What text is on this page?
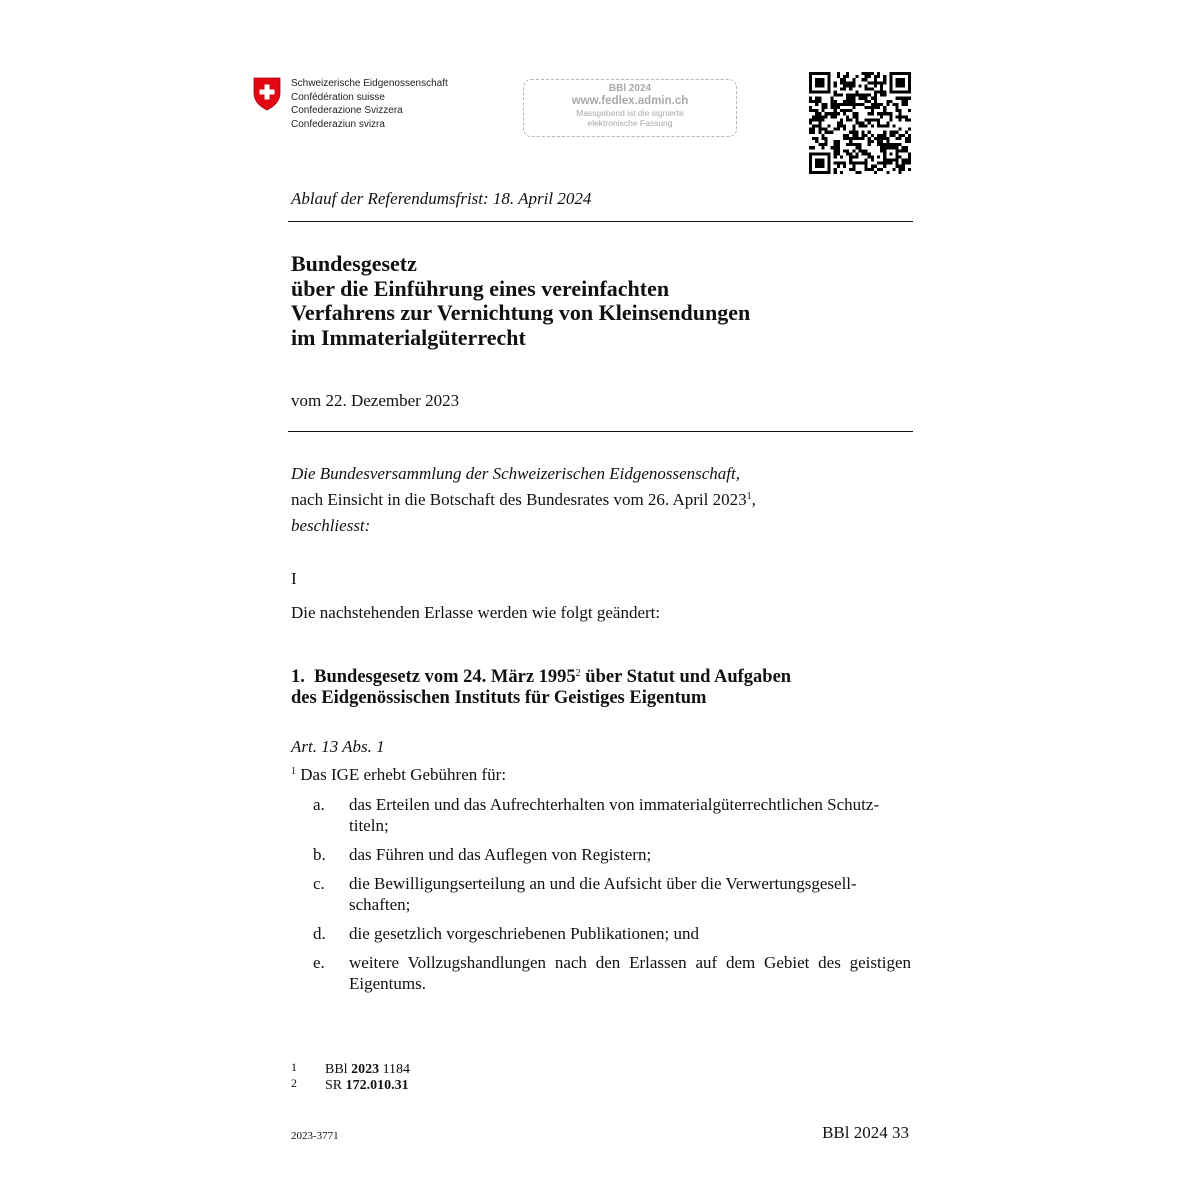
Schweizerische Eidgenossenschaft
Confédération suisse
Confederazione Svizzera
Confederaziun svizra
BBl 2024
www.fedlex.admin.ch
Massgebend ist die signierte
elektronische Fassung
Ablauf der Referendumsfrist: 18. April 2024
Bundesgesetz
über die Einführung eines vereinfachten
Verfahrens zur Vernichtung von Kleinsendungen
im Immaterialgüterrecht
vom 22. Dezember 2023
Die Bundesversammlung der Schweizerischen Eidgenossenschaft,
nach Einsicht in die Botschaft des Bundesrates vom 26. April 2023$^1$,
beschliesst:
I
Die nachstehenden Erlasse werden wie folgt geändert:
1. Bundesgesetz vom 24. März 1995$^2$ über Statut und Aufgaben
des Eidgenössischen Instituts für Geistiges Eigentum
Art. 13 Abs. 1
$^1$ Das IGE erhebt Gebühren für:
a.	das Erteilen und das Aufrechterhalten von immaterialgüterrechtlichen Schutz-
titeln;
b.	das Führen und das Auflegen von Registern;
c.	die Bewilligungserteilung an und die Aufsicht über die Verwertungsgesell-
schaften;
d.	die gesetzlich vorgeschriebenen Publikationen; und
e.	weitere Vollzugshandlungen nach den Erlassen auf dem Gebiet des geistigen Eigentums.
1	BBl 2023 1184
2	SR 172.010.31
2023-3771	BBl 2024 33
